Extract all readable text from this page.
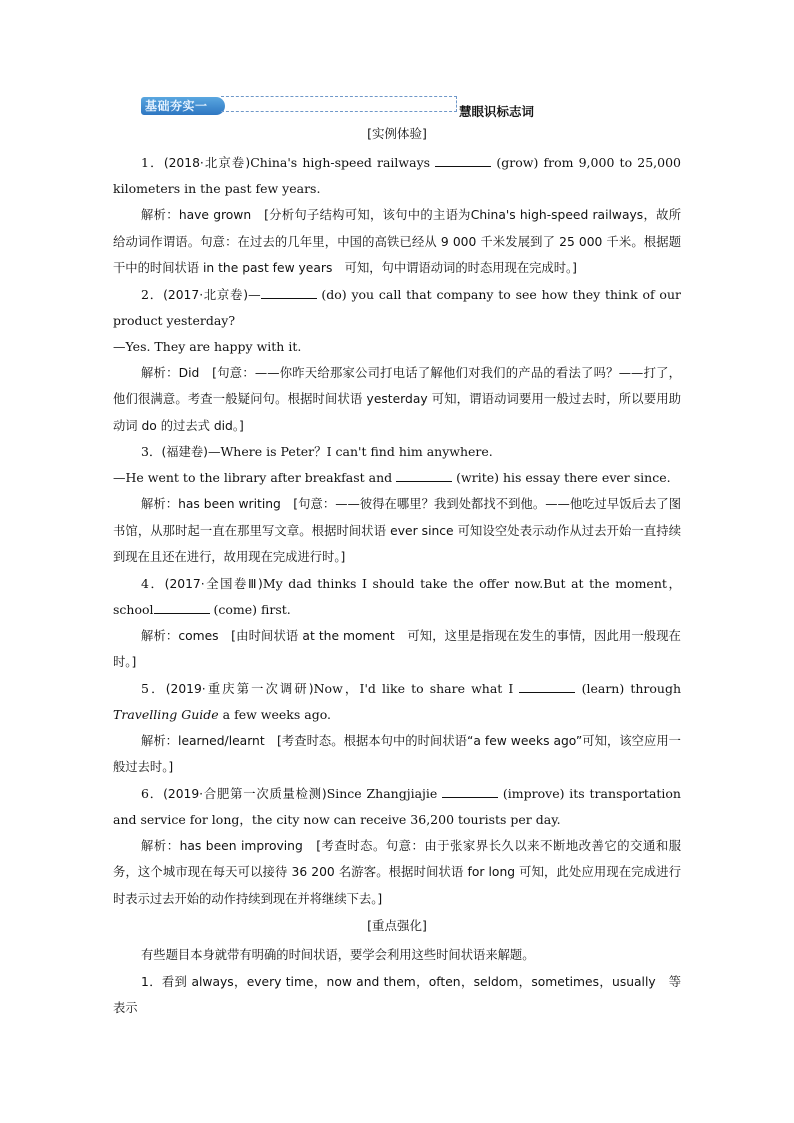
基础夯实一	慧眼识标志词
[实例体验]

1．(2018·北京卷)China's high-speed railways	(grow) from 9,000 to 25,000 kilometers in the past few years.

解析：have grown　[分析句子结构可知，该句中的主语为China's high-speed railways，故所给动词作谓语。句意：在过去的几年里，中国的高铁已经从 9 000 千米发展到了 25 000 千米。根据题干中的时间状语 in the past few years　可知，句中谓语动词的时态用现在完成时。]

2．(2017·北京卷)—	(do) you call that company to see how they think of our product yesterday?

—Yes. They are happy with it.

解析：Did　[句意：——你昨天给那家公司打电话了解他们对我们的产品的看法了吗？——打了，他们很满意。考查一般疑问句。根据时间状语 yesterday 可知，谓语动词要用一般过去时，所以要用助动词 do 的过去式 did。]

3．(福建卷)—Where is Peter？I can't find him anywhere.

—He went to the library after breakfast and	(write) his essay there ever since.

解析：has been writing　[句意：——彼得在哪里？我到处都找不到他。——他吃过早饭后去了图书馆，从那时起一直在那里写文章。根据时间状语 ever since 可知设空处表示动作从过去开始一直持续到现在且还在进行，故用现在完成进行时。]

4．(2017·全国卷Ⅲ)My dad thinks I should take the offer now.But at the moment，school	(come) first.

解析：comes　[由时间状语 at the moment　可知，这里是指现在发生的事情，因此用一般现在时。]

5．(2019·重庆第一次调研)Now，I'd like to share what I	(learn) through Travelling Guide a few weeks ago.

解析：learned/learnt　[考查时态。根据本句中的时间状语“a few weeks ago”可知，该空应用一般过去时。]

6．(2019·合肥第一次质量检测)Since Zhangjiajie	(improve) its transportation and service for long，the city now can receive 36,200 tourists per day.

解析：has been improving　[考查时态。句意：由于张家界长久以来不断地改善它的交通和服务，这个城市现在每天可以接待 36 200 名游客。根据时间状语 for long 可知，此处应用现在完成进行时表示过去开始的动作持续到现在并将继续下去。]

[重点强化]

有些题目本身就带有明确的时间状语，要学会利用这些时间状语来解题。

1．看到 always，every time，now and them，often，seldom，sometimes，usually　等表示
